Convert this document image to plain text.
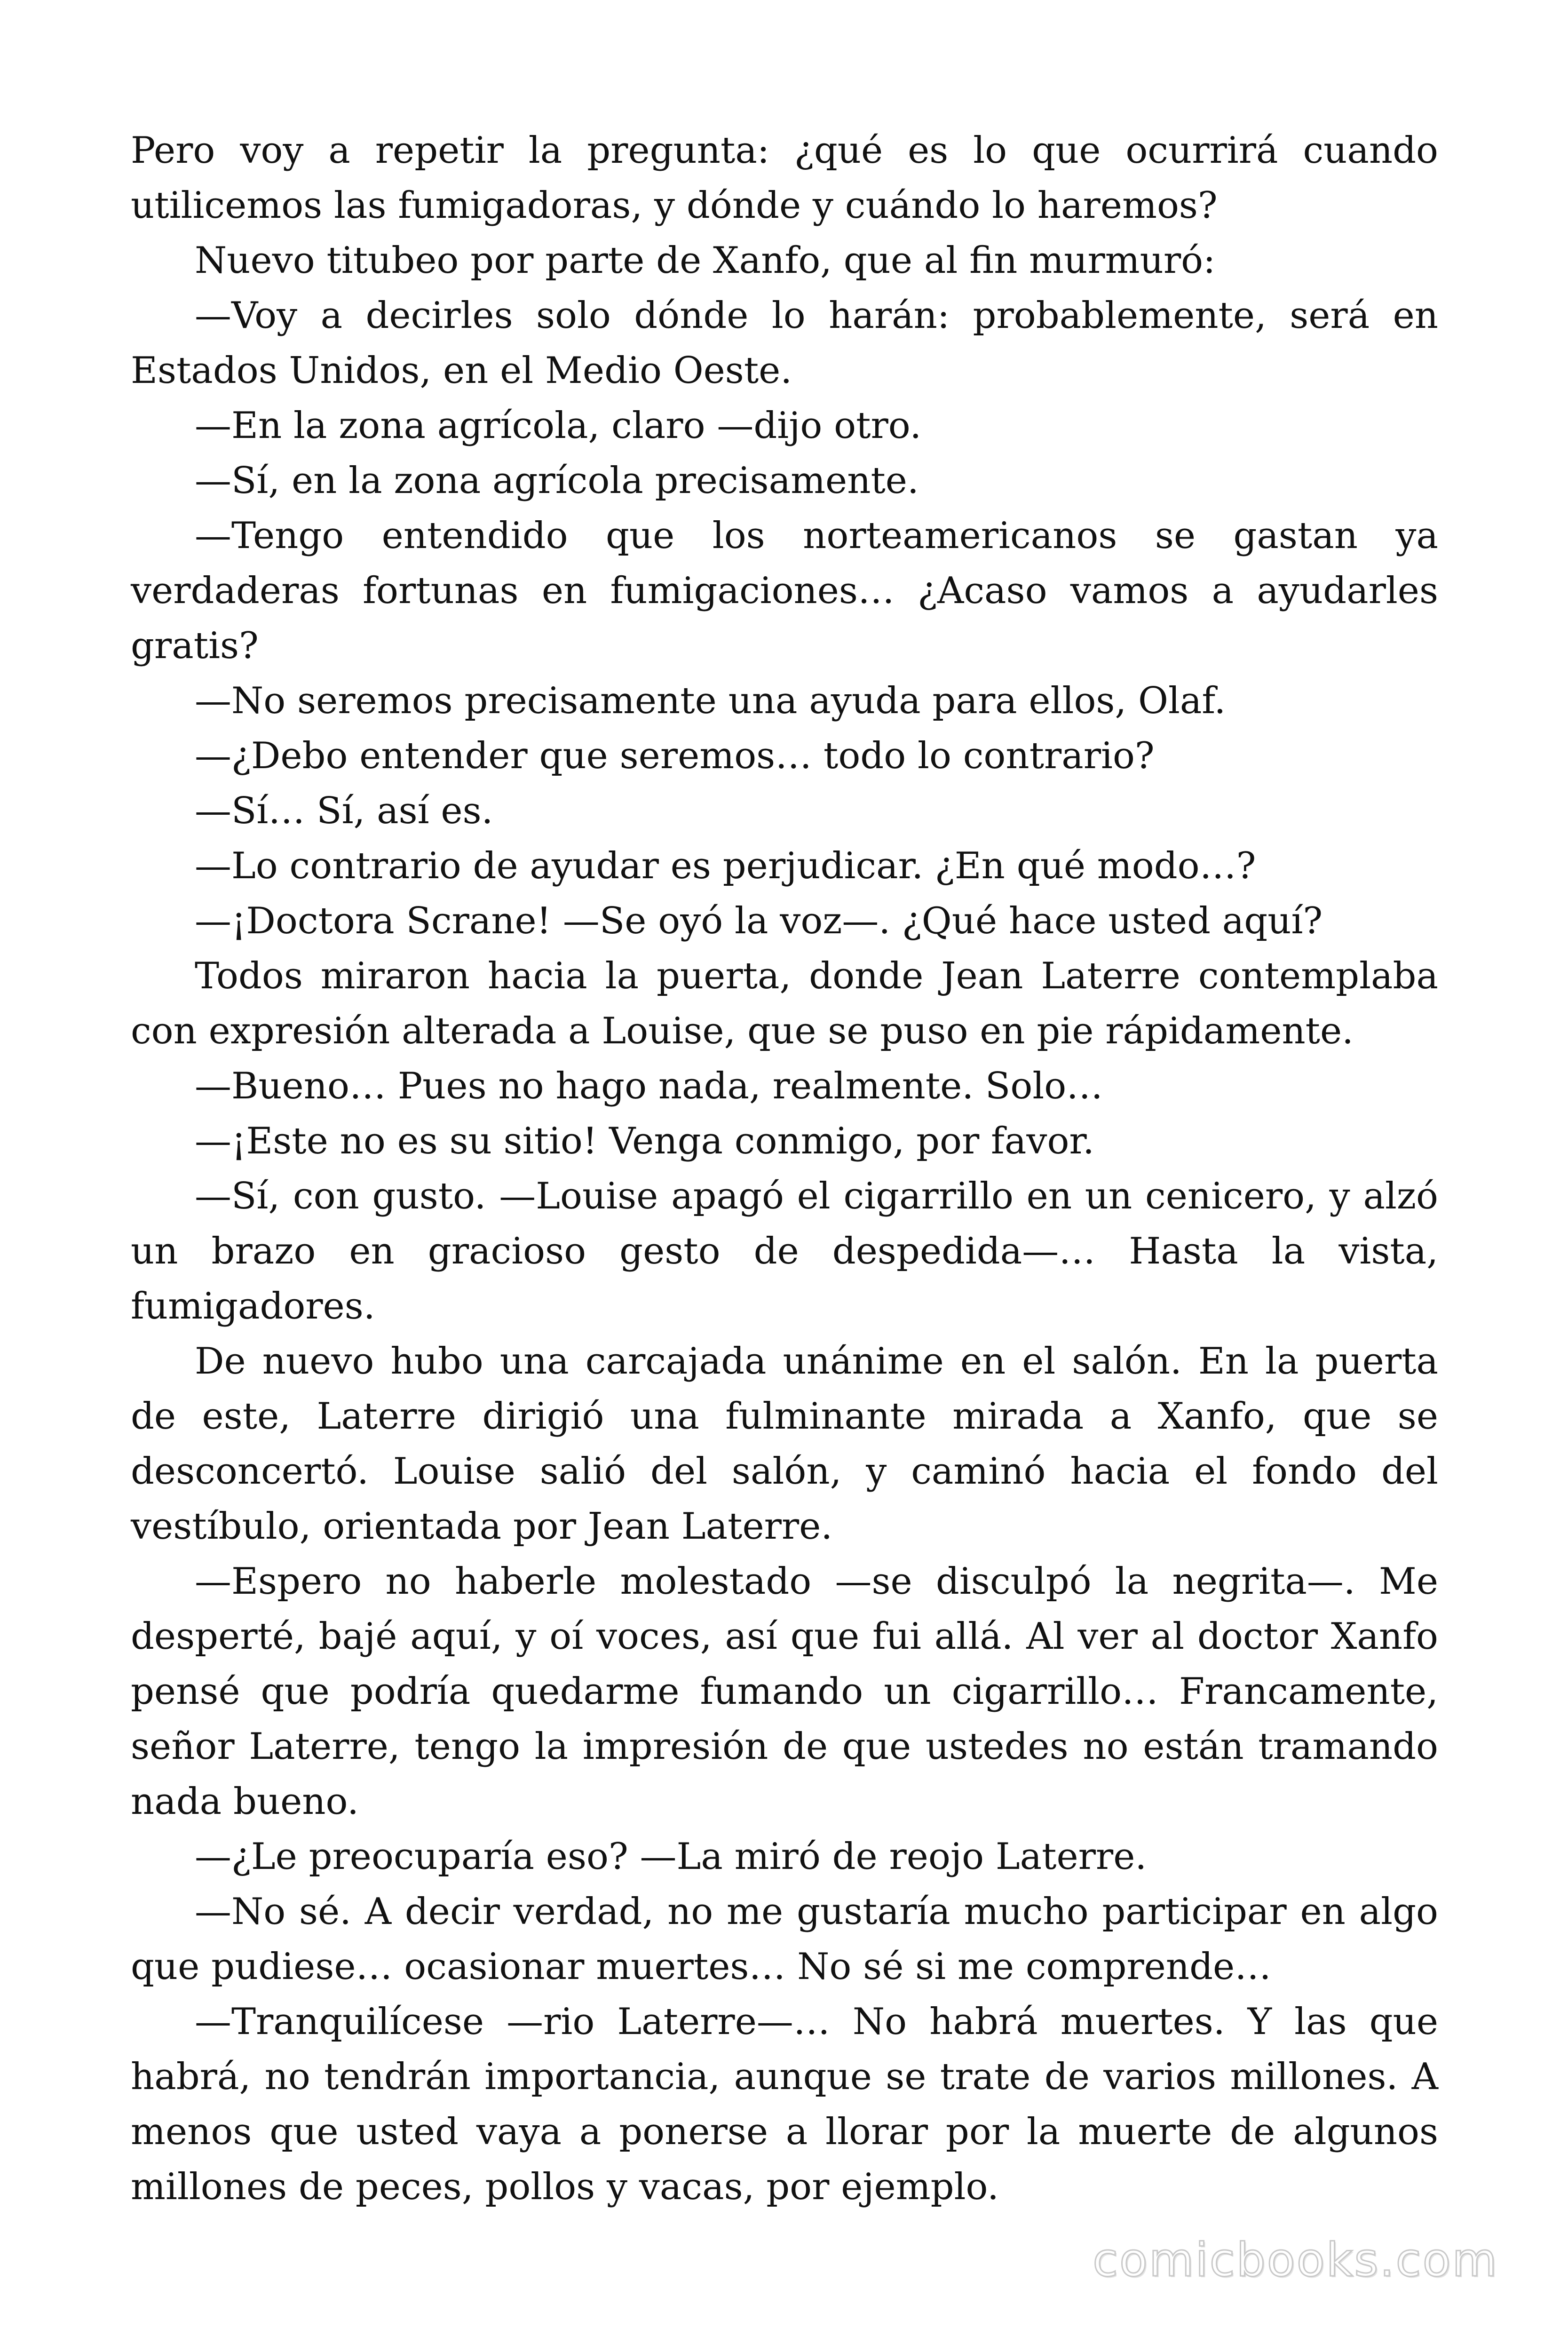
Pero voy a repetir la pregunta: ¿qué es lo que ocurrirá cuando utilicemos las fumigadoras, y dónde y cuándo lo haremos?

Nuevo titubeo por parte de Xanfo, que al fin murmuró:

—Voy a decirles solo dónde lo harán: probablemente, será en Estados Unidos, en el Medio Oeste.

—En la zona agrícola, claro —dijo otro.

—Sí, en la zona agrícola precisamente.

—Tengo entendido que los norteamericanos se gastan ya verdaderas fortunas en fumigaciones… ¿Acaso vamos a ayudarles gratis?

—No seremos precisamente una ayuda para ellos, Olaf.

—¿Debo entender que seremos… todo lo contrario?

—Sí… Sí, así es.

—Lo contrario de ayudar es perjudicar. ¿En qué modo…?

—¡Doctora Scrane! —Se oyó la voz—. ¿Qué hace usted aquí?

Todos miraron hacia la puerta, donde Jean Laterre contemplaba con expresión alterada a Louise, que se puso en pie rápidamente.

—Bueno… Pues no hago nada, realmente. Solo…

—¡Este no es su sitio! Venga conmigo, por favor.

—Sí, con gusto. —Louise apagó el cigarrillo en un cenicero, y alzó un brazo en gracioso gesto de despedida—… Hasta la vista, fumigadores.

De nuevo hubo una carcajada unánime en el salón. En la puerta de este, Laterre dirigió una fulminante mirada a Xanfo, que se desconcertó. Louise salió del salón, y caminó hacia el fondo del vestíbulo, orientada por Jean Laterre.

—Espero no haberle molestado —se disculpó la negrita—. Me desperté, bajé aquí, y oí voces, así que fui allá. Al ver al doctor Xanfo pensé que podría quedarme fumando un cigarrillo… Francamente, señor Laterre, tengo la impresión de que ustedes no están tramando nada bueno.

—¿Le preocuparía eso? —La miró de reojo Laterre.

—No sé. A decir verdad, no me gustaría mucho participar en algo que pudiese… ocasionar muertes… No sé si me comprende…

—Tranquilícese —rio Laterre—… No habrá muertes. Y las que habrá, no tendrán importancia, aunque se trate de varios millones. A menos que usted vaya a ponerse a llorar por la muerte de algunos millones de peces, pollos y vacas, por ejemplo.

comicbooks.com
